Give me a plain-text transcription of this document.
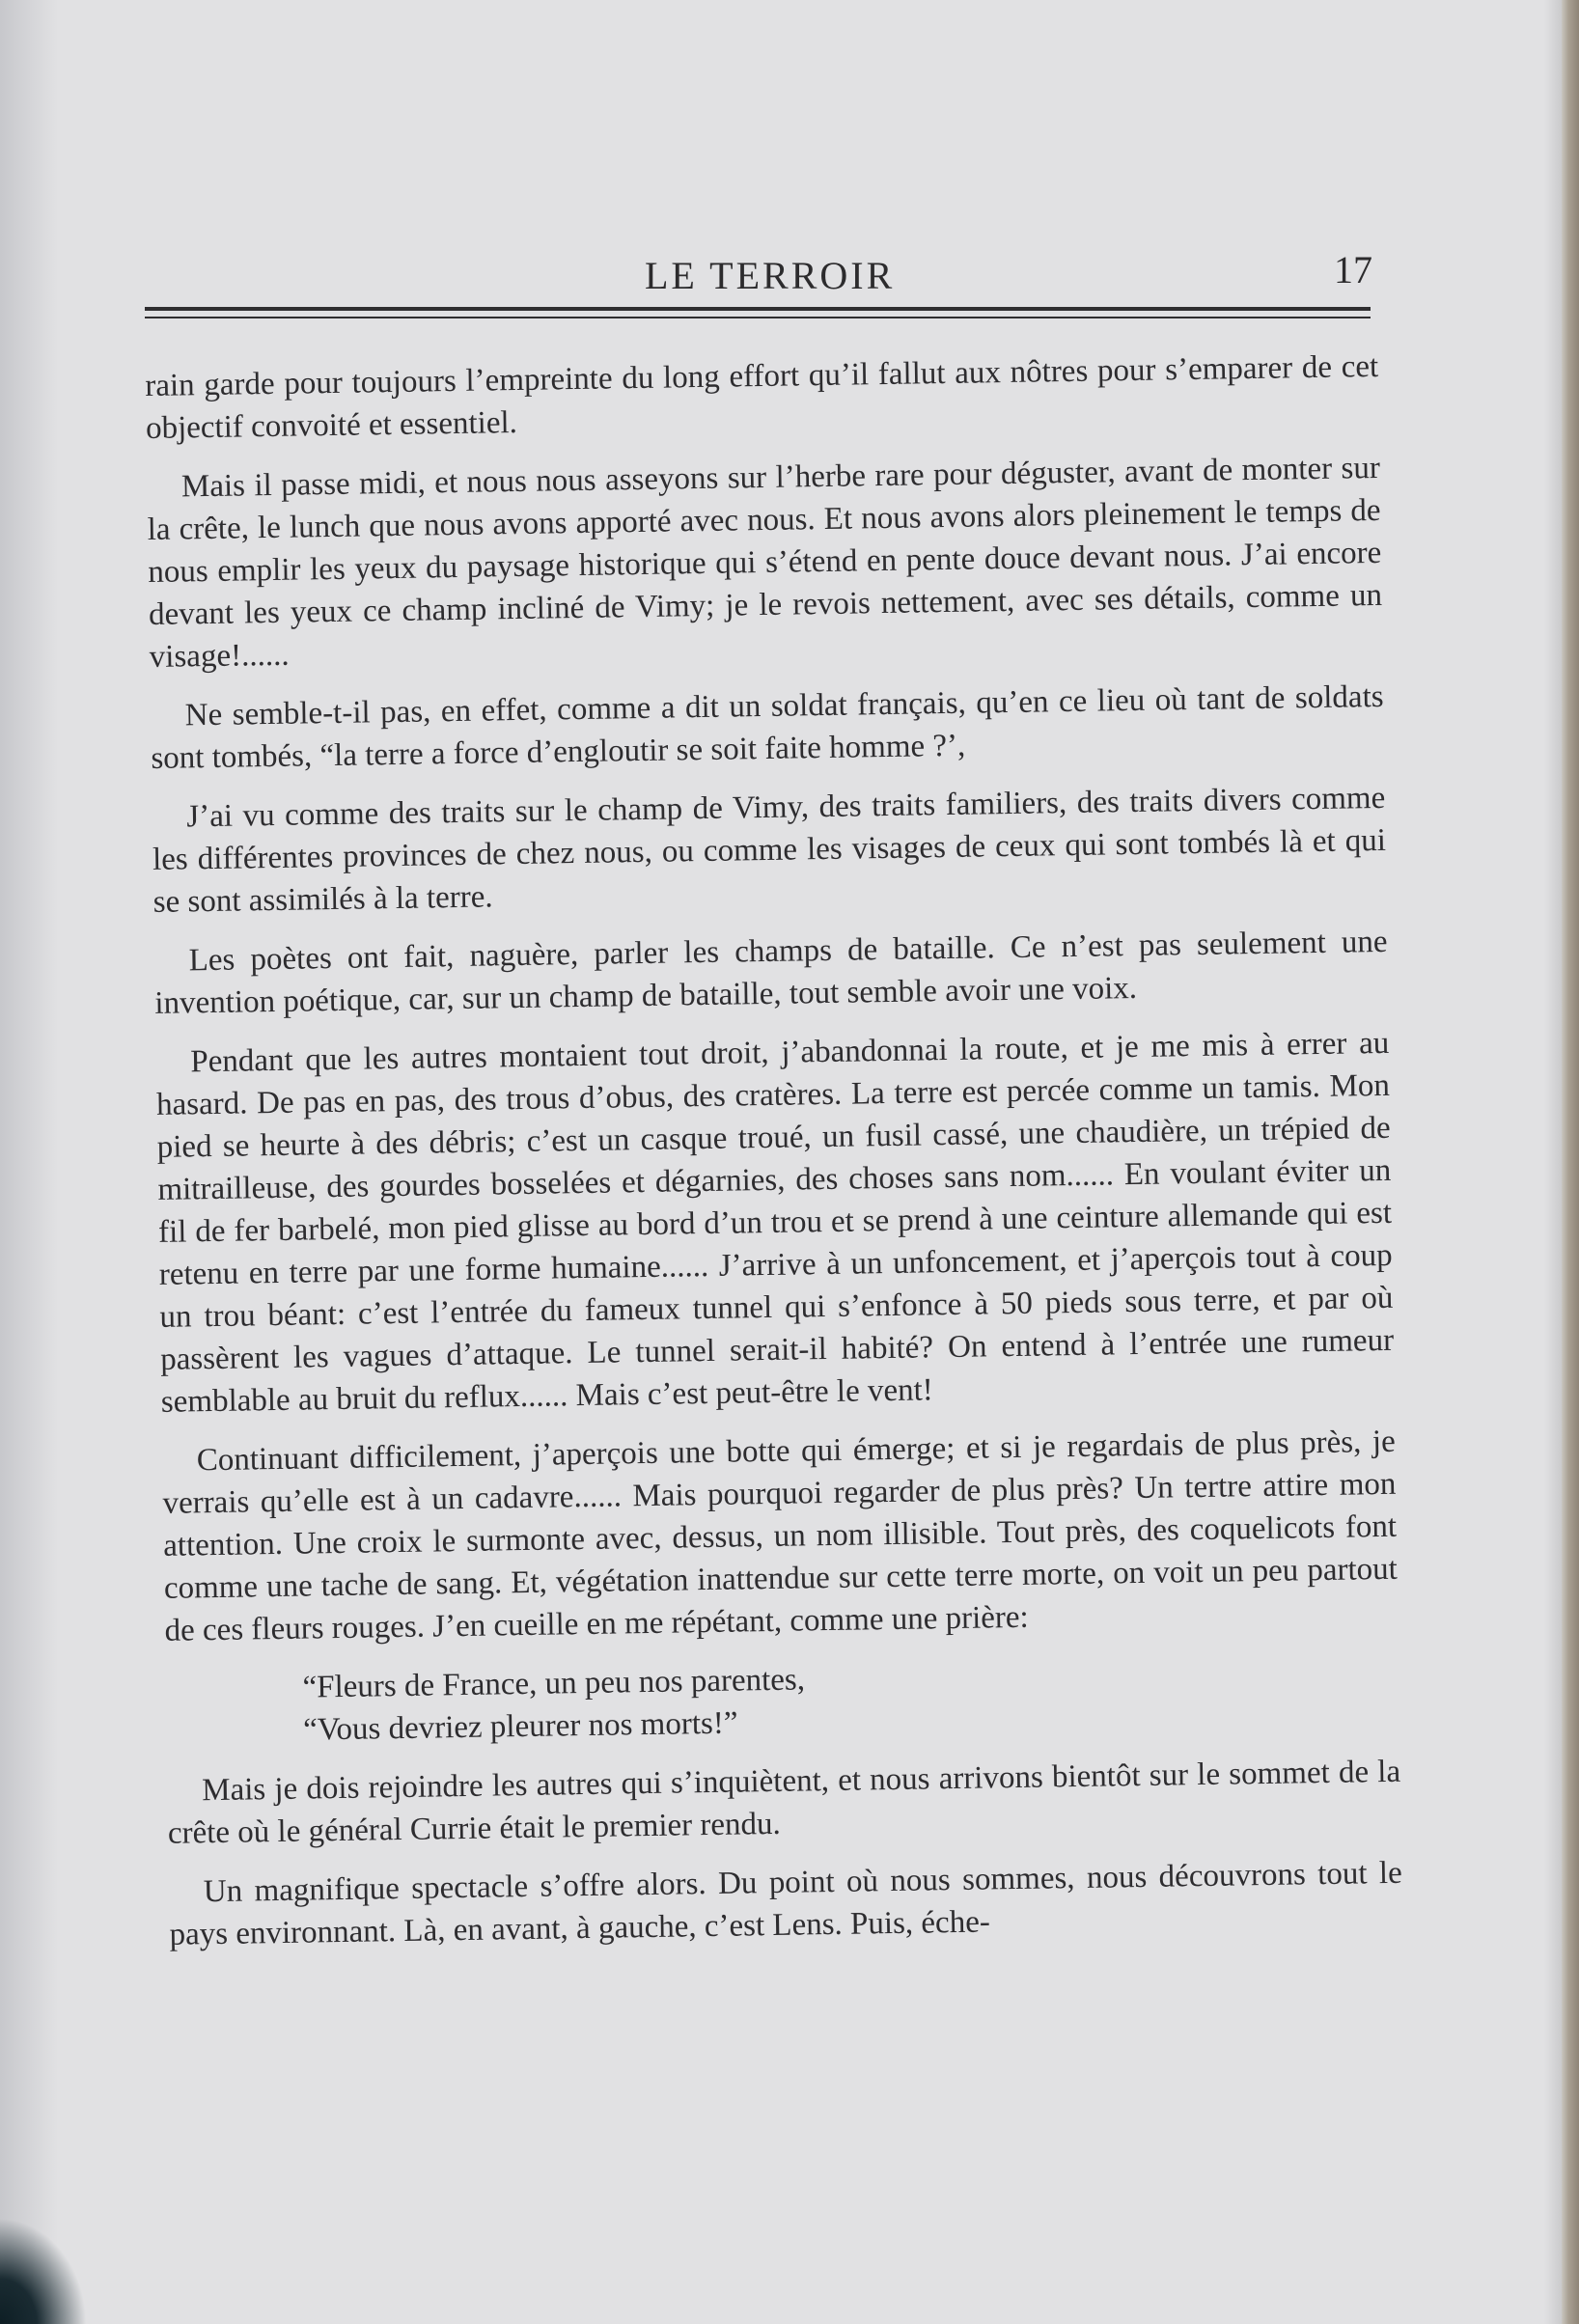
LE TERROIR	17

rain garde pour toujours l’empreinte du long effort qu’il fallut aux nôtres pour s’emparer de cet objectif convoité et essentiel.

Mais il passe midi, et nous nous asseyons sur l’herbe rare pour déguster, avant de monter sur la crête, le lunch que nous avons apporté avec nous. Et nous avons alors pleinement le temps de nous emplir les yeux du paysage historique qui s’étend en pente douce devant nous. J’ai encore devant les yeux ce champ incliné de Vimy; je le revois nettement, avec ses détails, comme un visage!......

Ne semble-t-il pas, en effet, comme a dit un soldat français, qu’en ce lieu où tant de soldats sont tombés, “la terre a force d’engloutir se soit faite homme ?’,

J’ai vu comme des traits sur le champ de Vimy, des traits familiers, des traits divers comme les différentes provinces de chez nous, ou comme les visages de ceux qui sont tombés là et qui se sont assimilés à la terre.

Les poètes ont fait, naguère, parler les champs de bataille. Ce n’est pas seulement une invention poétique, car, sur un champ de bataille, tout semble avoir une voix.

Pendant que les autres montaient tout droit, j’abandonnai la route, et je me mis à errer au hasard. De pas en pas, des trous d’obus, des cratères. La terre est percée comme un tamis. Mon pied se heurte à des débris; c’est un casque troué, un fusil cassé, une chaudière, un trépied de mitrailleuse, des gourdes bosselées et dégarnies, des choses sans nom...... En voulant éviter un fil de fer barbelé, mon pied glisse au bord d’un trou et se prend à une ceinture allemande qui est retenu en terre par une forme humaine...... J’arrive à un unfoncement, et j’aperçois tout à coup un trou béant: c’est l’entrée du fameux tunnel qui s’enfonce à 50 pieds sous terre, et par où passèrent les vagues d’attaque. Le tunnel serait-il habité? On entend à l’entrée une rumeur semblable au bruit du reflux...... Mais c’est peut-être le vent!

Continuant difficilement, j’aperçois une botte qui émerge; et si je regardais de plus près, je verrais qu’elle est à un cadavre...... Mais pourquoi regarder de plus près? Un tertre attire mon attention. Une croix le surmonte avec, dessus, un nom illisible. Tout près, des coquelicots font comme une tache de sang. Et, végétation inattendue sur cette terre morte, on voit un peu partout de ces fleurs rouges. J’en cueille en me répétant, comme une prière:

“Fleurs de France, un peu nos parentes,
“Vous devriez pleurer nos morts!”

Mais je dois rejoindre les autres qui s’inquiètent, et nous arrivons bientôt sur le sommet de la crête où le général Currie était le premier rendu.

Un magnifique spectacle s’offre alors. Du point où nous sommes, nous découvrons tout le pays environnant. Là, en avant, à gauche, c’est Lens. Puis, éche-
